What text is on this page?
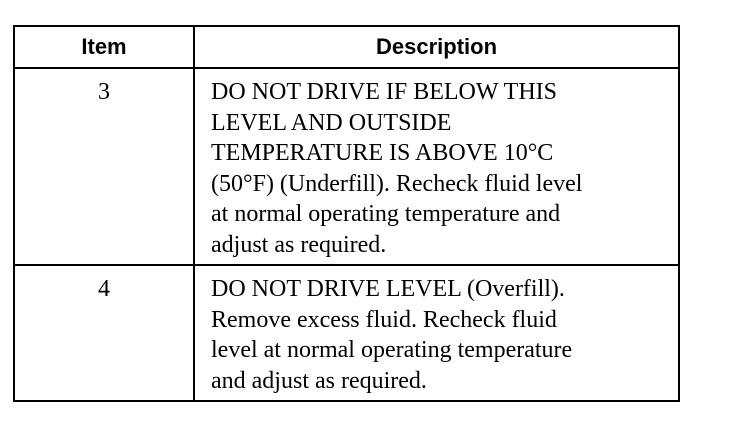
Item	Description
3	DO NOT DRIVE IF BELOW THIS
LEVEL AND OUTSIDE
TEMPERATURE IS ABOVE 10°C
(50°F) (Underfill). Recheck fluid level
at normal operating temperature and
adjust as required.
4	DO NOT DRIVE LEVEL (Overfill).
Remove excess fluid. Recheck fluid
level at normal operating temperature
and adjust as required.
